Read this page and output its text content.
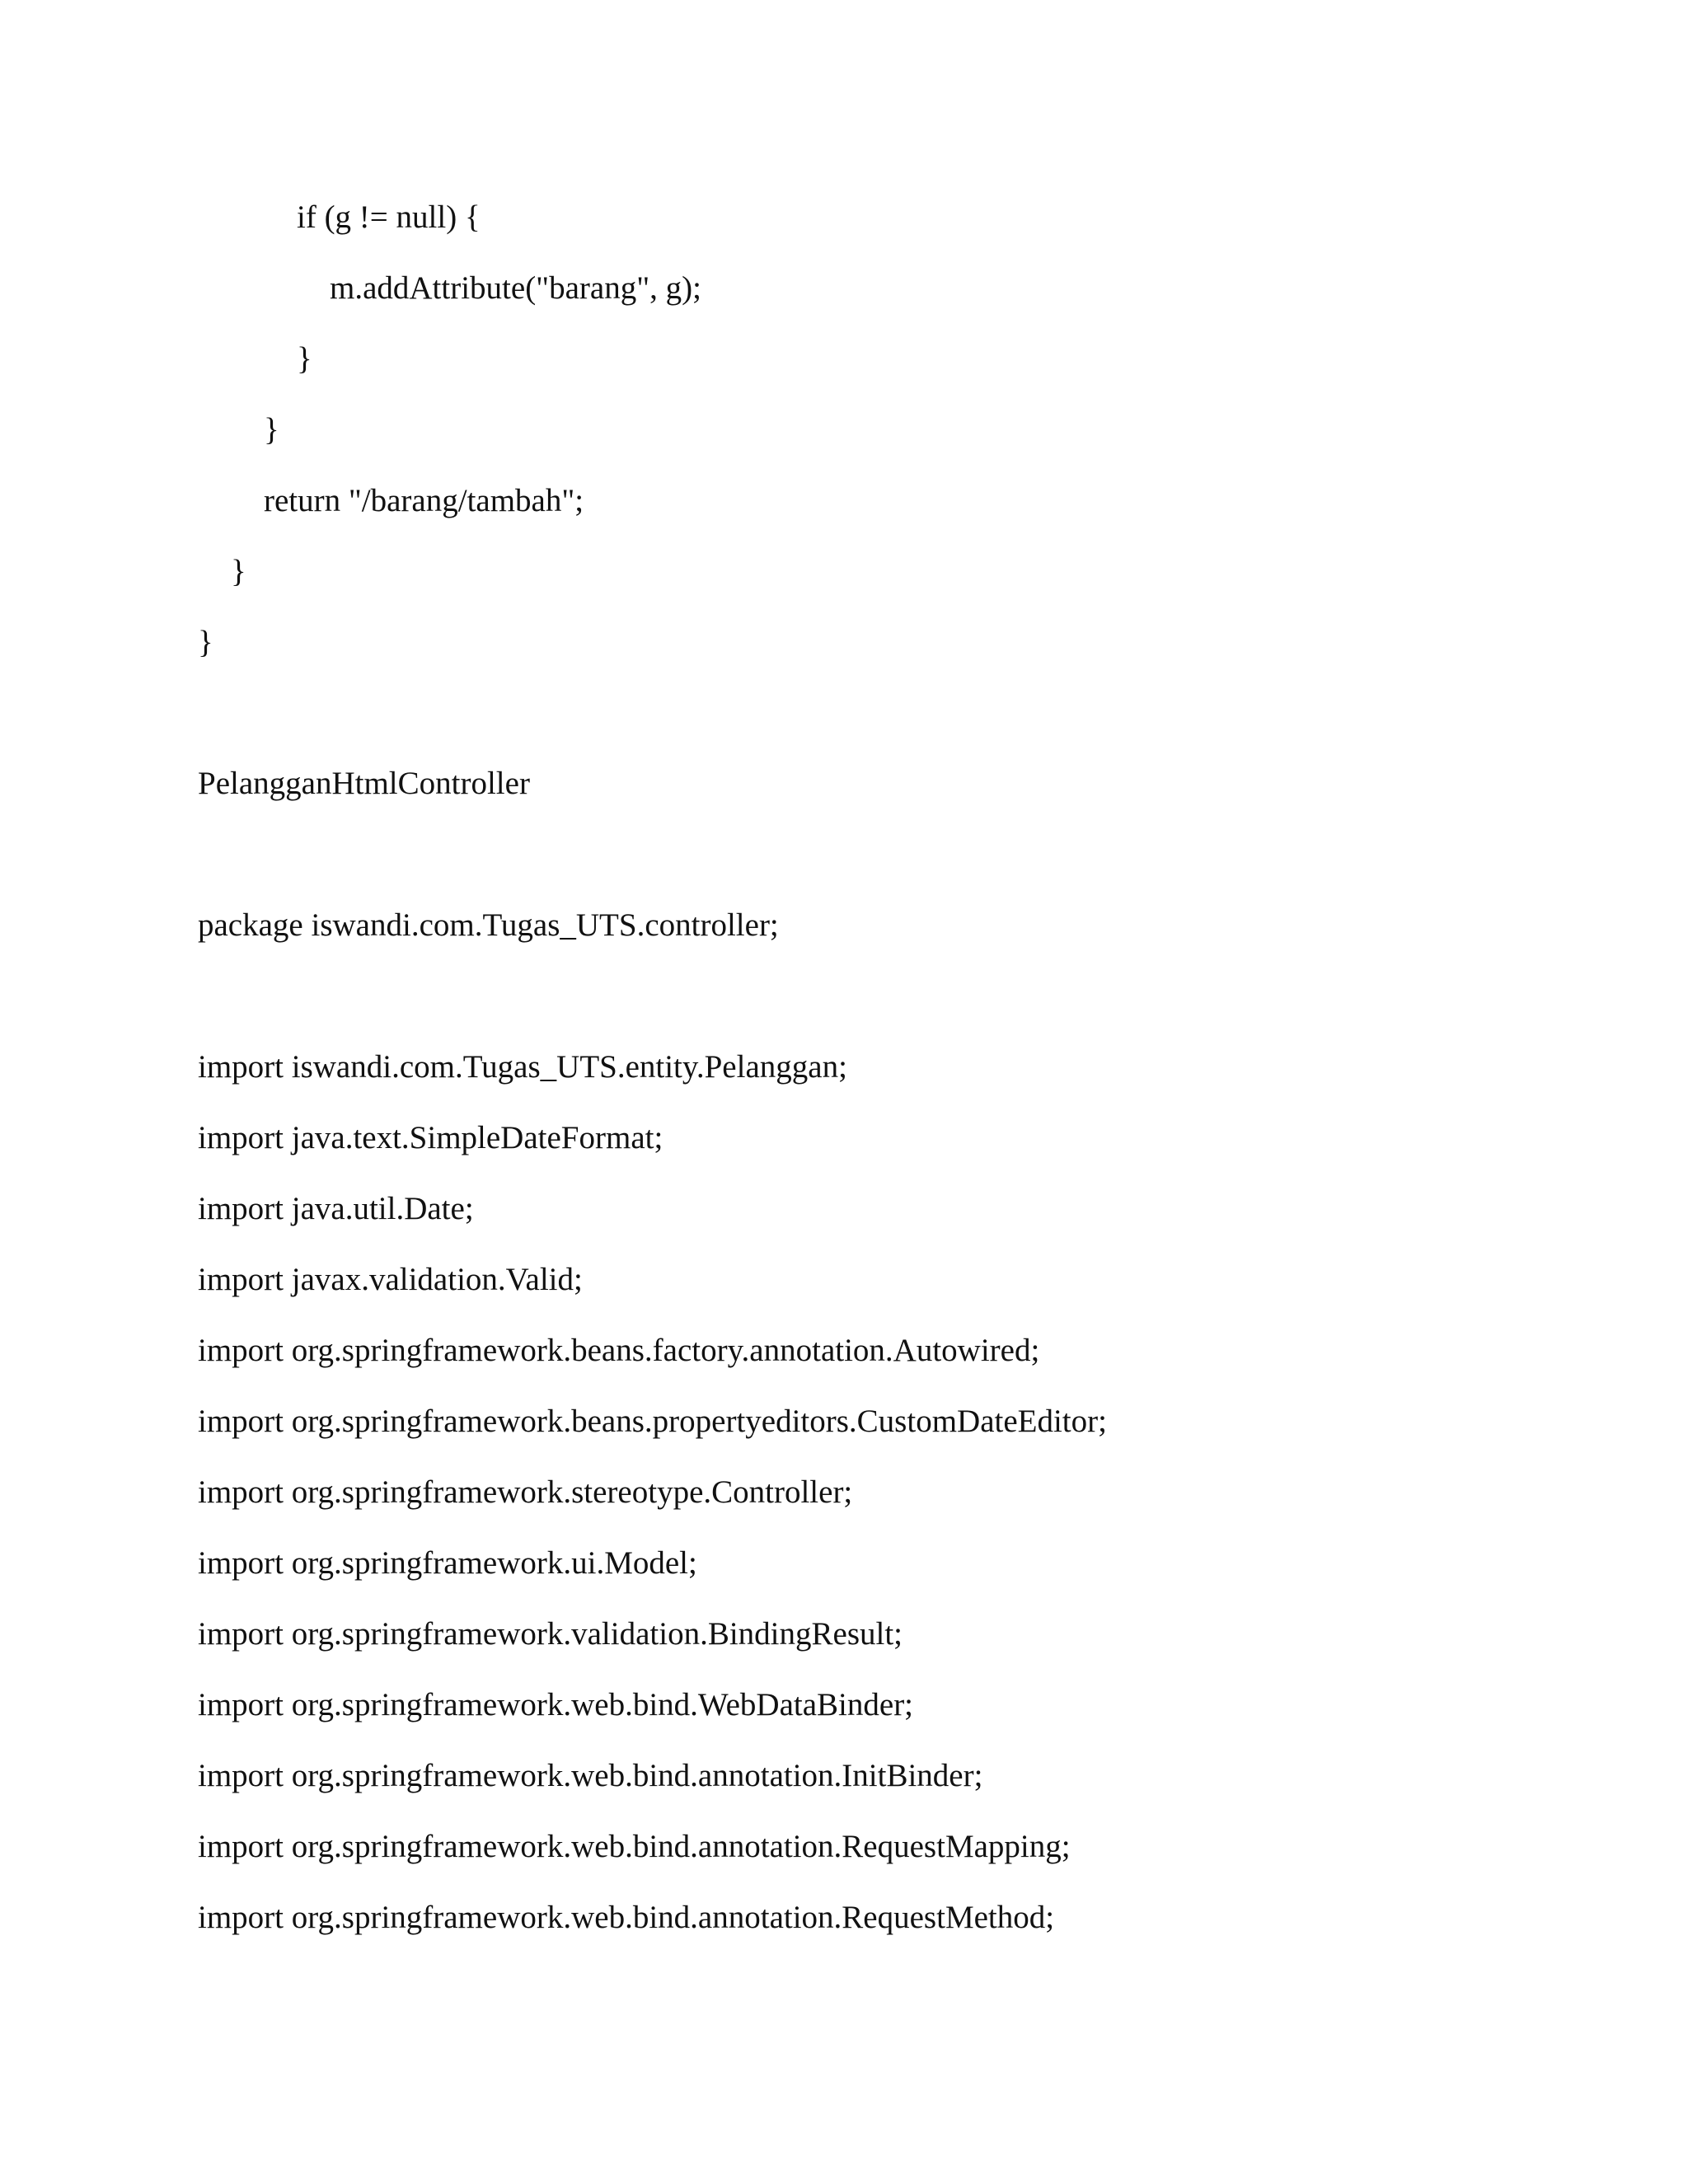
if (g != null) {
m.addAttribute("barang", g);
}
}
return "/barang/tambah";
}
}
PelangganHtmlController
package iswandi.com.Tugas_UTS.controller;
import iswandi.com.Tugas_UTS.entity.Pelanggan;
import java.text.SimpleDateFormat;
import java.util.Date;
import javax.validation.Valid;
import org.springframework.beans.factory.annotation.Autowired;
import org.springframework.beans.propertyeditors.CustomDateEditor;
import org.springframework.stereotype.Controller;
import org.springframework.ui.Model;
import org.springframework.validation.BindingResult;
import org.springframework.web.bind.WebDataBinder;
import org.springframework.web.bind.annotation.InitBinder;
import org.springframework.web.bind.annotation.RequestMapping;
import org.springframework.web.bind.annotation.RequestMethod;
